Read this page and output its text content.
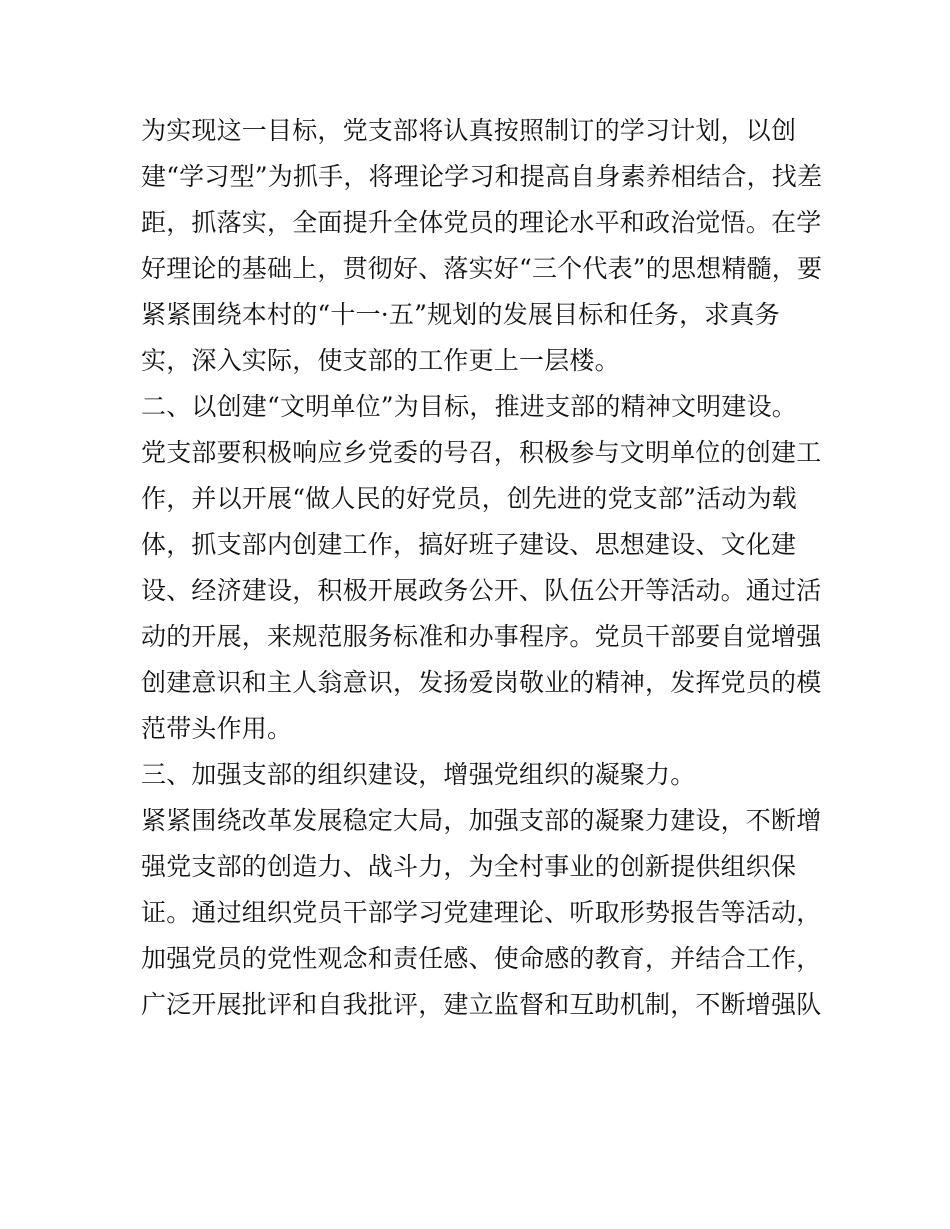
为实现这一目标，党支部将认真按照制订的学习计划，以创
建“学习型”为抓手，将理论学习和提高自身素养相结合，找差
距，抓落实，全面提升全体党员的理论水平和政治觉悟。在学
好理论的基础上，贯彻好、落实好“三个代表”的思想精髓，要
紧紧围绕本村的“十一·五”规划的发展目标和任务，求真务
实，深入实际，使支部的工作更上一层楼。
二、以创建“文明单位”为目标，推进支部的精神文明建设。
党支部要积极响应乡党委的号召，积极参与文明单位的创建工
作，并以开展“做人民的好党员，创先进的党支部”活动为载
体，抓支部内创建工作，搞好班子建设、思想建设、文化建
设、经济建设，积极开展政务公开、队伍公开等活动。通过活
动的开展，来规范服务标准和办事程序。党员干部要自觉增强
创建意识和主人翁意识，发扬爱岗敬业的精神，发挥党员的模
范带头作用。
三、加强支部的组织建设，增强党组织的凝聚力。
紧紧围绕改革发展稳定大局，加强支部的凝聚力建设，不断增
强党支部的创造力、战斗力，为全村事业的创新提供组织保
证。通过组织党员干部学习党建理论、听取形势报告等活动，
加强党员的党性观念和责任感、使命感的教育，并结合工作，
广泛开展批评和自我批评，建立监督和互助机制，不断增强队
